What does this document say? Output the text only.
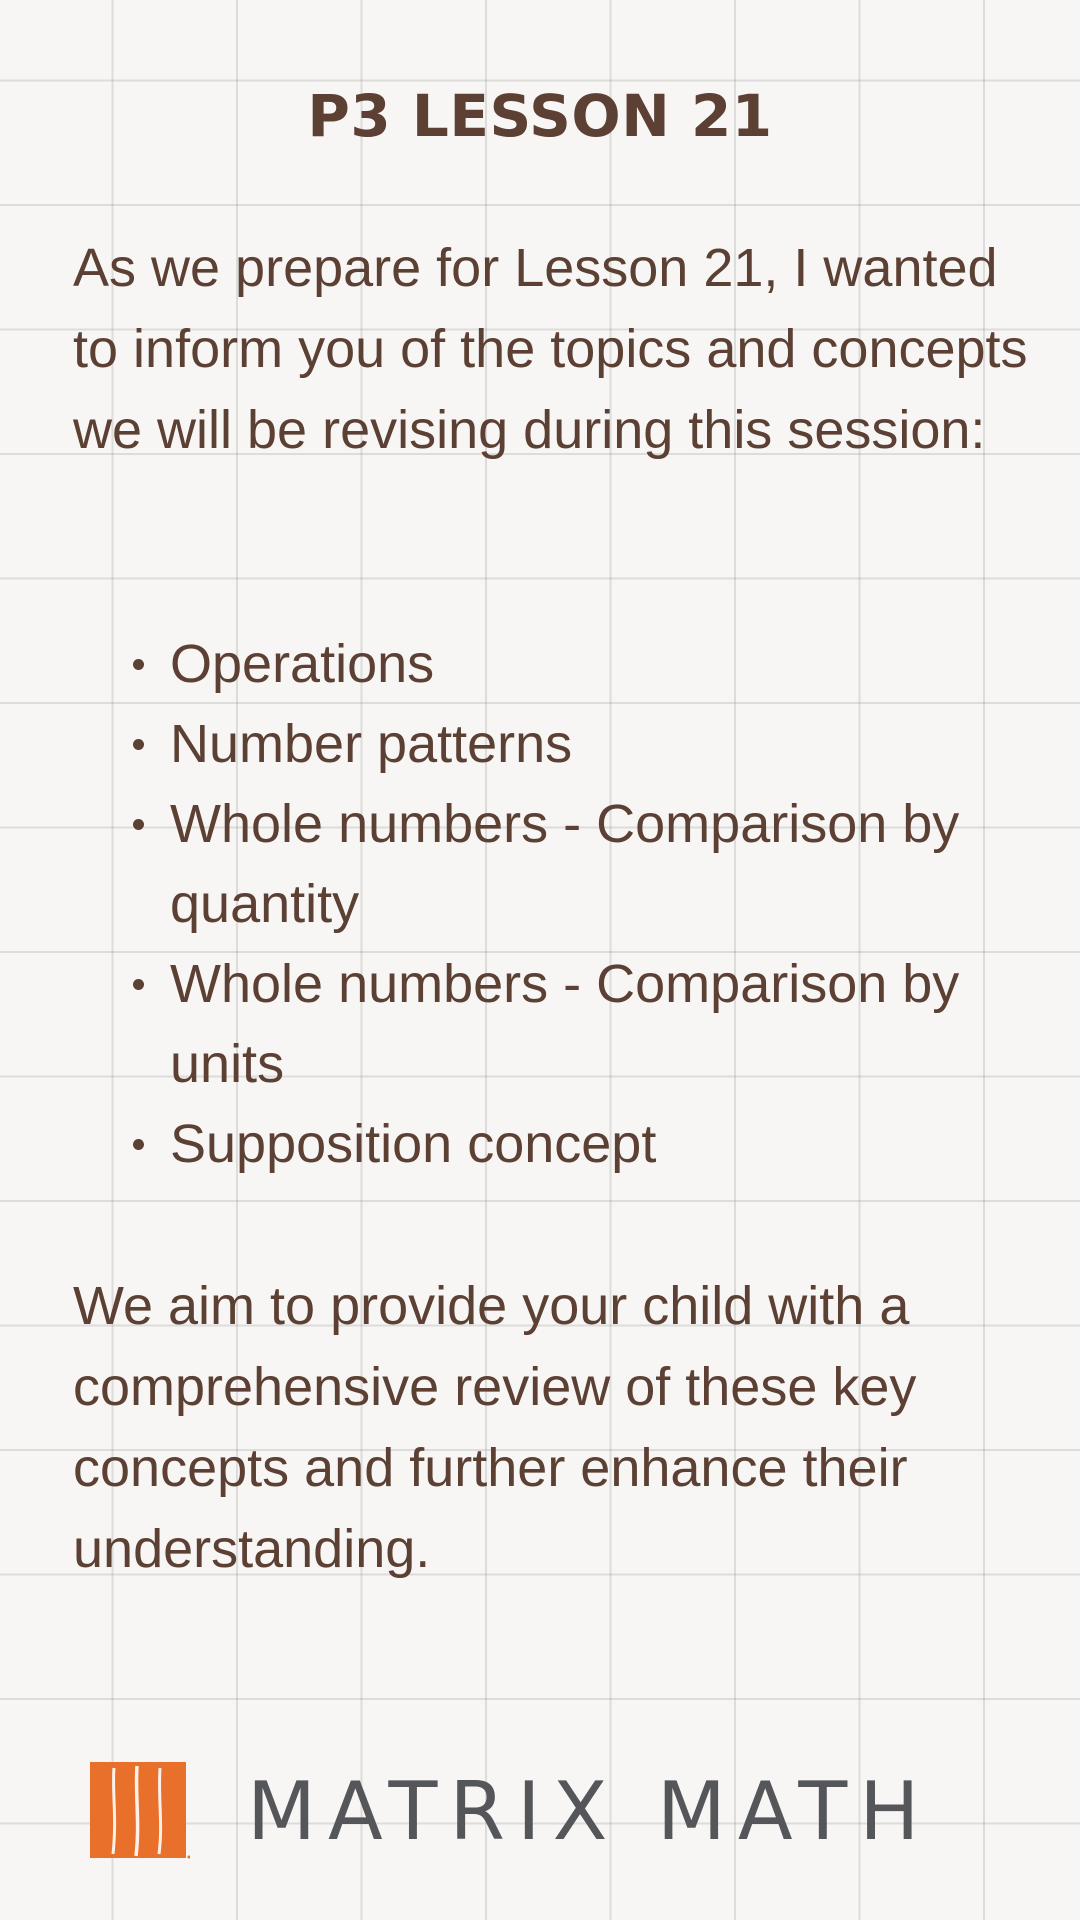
P3 LESSON 21

As we prepare for Lesson 21, I wanted to inform you of the topics and concepts we will be revising during this session:

Operations
Number patterns
Whole numbers - Comparison by quantity
Whole numbers - Comparison by units
Supposition concept

We aim to provide your child with a comprehensive review of these key concepts and further enhance their understanding.

MATRIX MATH
